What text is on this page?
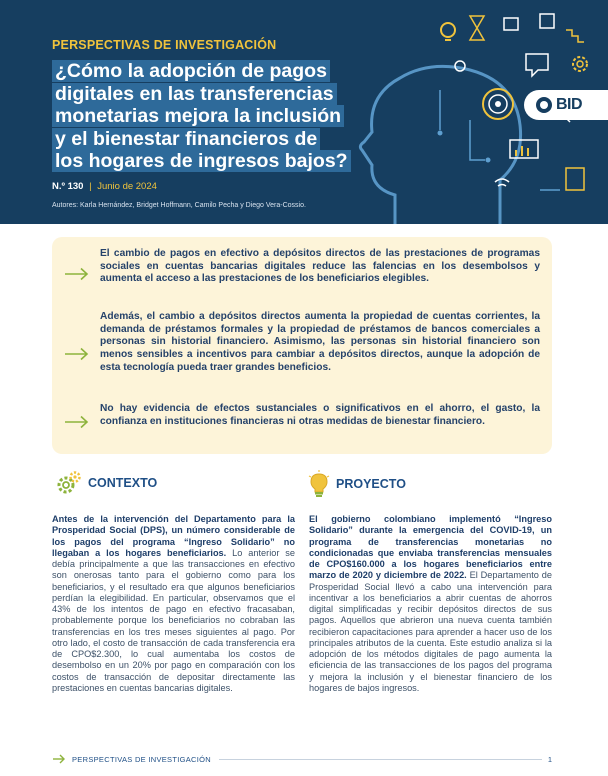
PERSPECTIVAS DE INVESTIGACIÓN
¿Cómo la adopción de pagos
digitales en las transferencias
monetarias mejora la inclusión
y el bienestar financieros de
los hogares de ingresos bajos?
N.º 130 | Junio de 2024
Autores: Karla Hernández, Bridget Hoffmann, Camilo Pecha y Diego Vera-Cossio.
BID
El cambio de pagos en efectivo a depósitos directos de las prestaciones de programas sociales en cuentas bancarias digitales reduce las falencias en los desembolsos y aumenta el acceso a las prestaciones de los beneficiarios elegibles.
Además, el cambio a depósitos directos aumenta la propiedad de cuentas corrientes, la demanda de préstamos formales y la propiedad de préstamos de bancos comerciales a personas sin historial financiero. Asimismo, las personas sin historial financiero son menos sensibles a incentivos para cambiar a depósitos directos, aunque la adopción de esta tecnología pueda traer grandes beneficios.
No hay evidencia de efectos sustanciales o significativos en el ahorro, el gasto, la confianza en instituciones financieras ni otras medidas de bienestar financiero.
CONTEXTO

Antes de la intervención del Departamento para la Prosperidad Social (DPS), un número considerable de los pagos del programa “Ingreso Solidario” no llegaban a los hogares beneficiarios. Lo anterior se debía principalmente a que las transacciones en efectivo son onerosas tanto para el gobierno como para los beneficiarios, y el resultado era que algunos beneficiarios perdían la elegibilidad. En particular, observamos que el 43% de los intentos de pago en efectivo fracasaban, probablemente porque los beneficiarios no cobraban las transferencias en los tres meses siguientes al pago. Por otro lado, el costo de transacción de cada transferencia era de CPO$2.300, lo cual aumentaba los costos de desembolso en un 20% por pago en comparación con los costos de transacción de depositar directamente las prestaciones en cuentas bancarias digitales.

PROYECTO

El gobierno colombiano implementó “Ingreso Solidario” durante la emergencia del COVID-19, un programa de transferencias monetarias no condicionadas que enviaba transferencias mensuales de CPO$160.000 a los hogares beneficiarios entre marzo de 2020 y diciembre de 2022. El Departamento de Prosperidad Social llevó a cabo una intervención para incentivar a los beneficiarios a abrir cuentas de ahorros digital simplificadas y recibir depósitos directos de sus pagos. Aquellos que abrieron una nueva cuenta también recibieron capacitaciones para aprender a hacer uso de los principales atributos de la cuenta. Este estudio analiza si la adopción de los métodos digitales de pago aumenta la eficiencia de las transacciones de los pagos del programa y mejora la inclusión y el bienestar financiero de los hogares de bajos ingresos.

PERSPECTIVAS DE INVESTIGACIÓN	1
